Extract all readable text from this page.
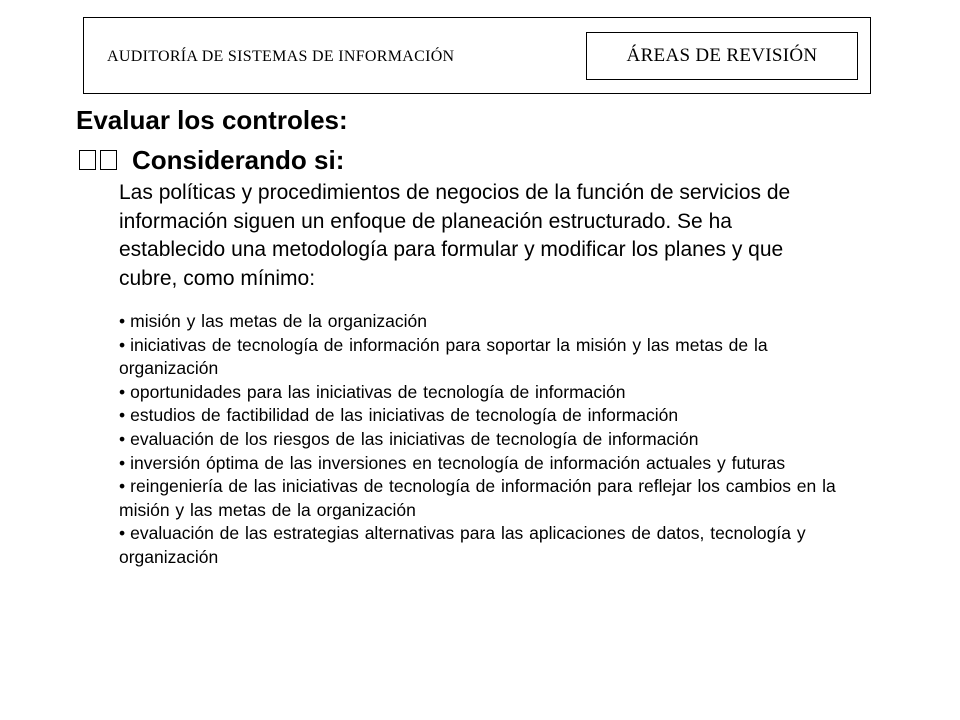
AUDITORÍA DE SISTEMAS DE INFORMACIÓN	ÁREAS DE REVISIÓN
Evaluar los controles:
Considerando si:
Las políticas y procedimientos de negocios de la función de servicios de información siguen un enfoque de planeación estructurado. Se ha establecido una metodología para formular y modificar los planes y que cubre, como mínimo:
•misión y las metas de la organización
•iniciativas de tecnología de información para soportar la misión y las metas de la organización
•oportunidades para las iniciativas de tecnología de información
•estudios de factibilidad de las iniciativas de tecnología de información
•evaluación de los riesgos de las iniciativas de tecnología de información
•inversión óptima de las inversiones en tecnología de información actuales y futuras
•reingeniería de las iniciativas de tecnología de información para reflejar los cambios en la misión y las metas de la organización
•evaluación de las estrategias alternativas para las aplicaciones de datos, tecnología y organización
